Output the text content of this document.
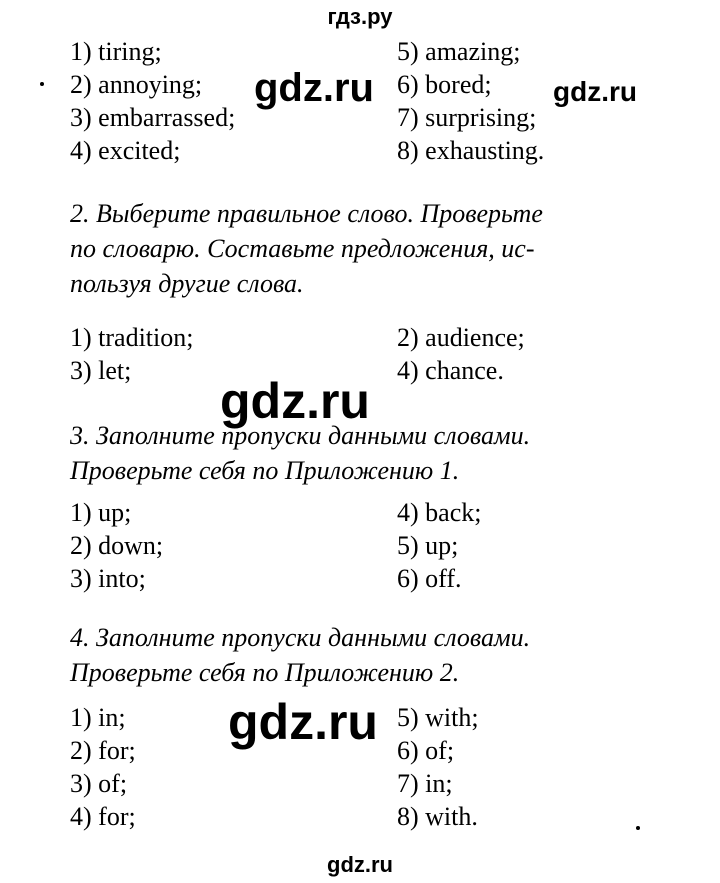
гдз.ру
1) tiring;
2) annoying;
3) embarrassed;
4) excited;
5) amazing;
6) bored;
7) surprising;
8) exhausting.
2. Выберите правильное слово. Проверьте
по словарю. Составьте предложения, ис-
пользуя другие слова.
1) tradition;	2) audience;
3) let;	4) chance.
3. Заполните пропуски данными словами.
Проверьте себя по Приложению 1.
1) up;
2) down;
3) into;
4) back;
5) up;
6) off.
4. Заполните пропуски данными словами.
Проверьте себя по Приложению 2.
1) in;
2) for;
3) of;
4) for;
5) with;
6) of;
7) in;
8) with.
gdz.ru	gdz.ru
gdz.ru
gdz.ru
gdz.ru
